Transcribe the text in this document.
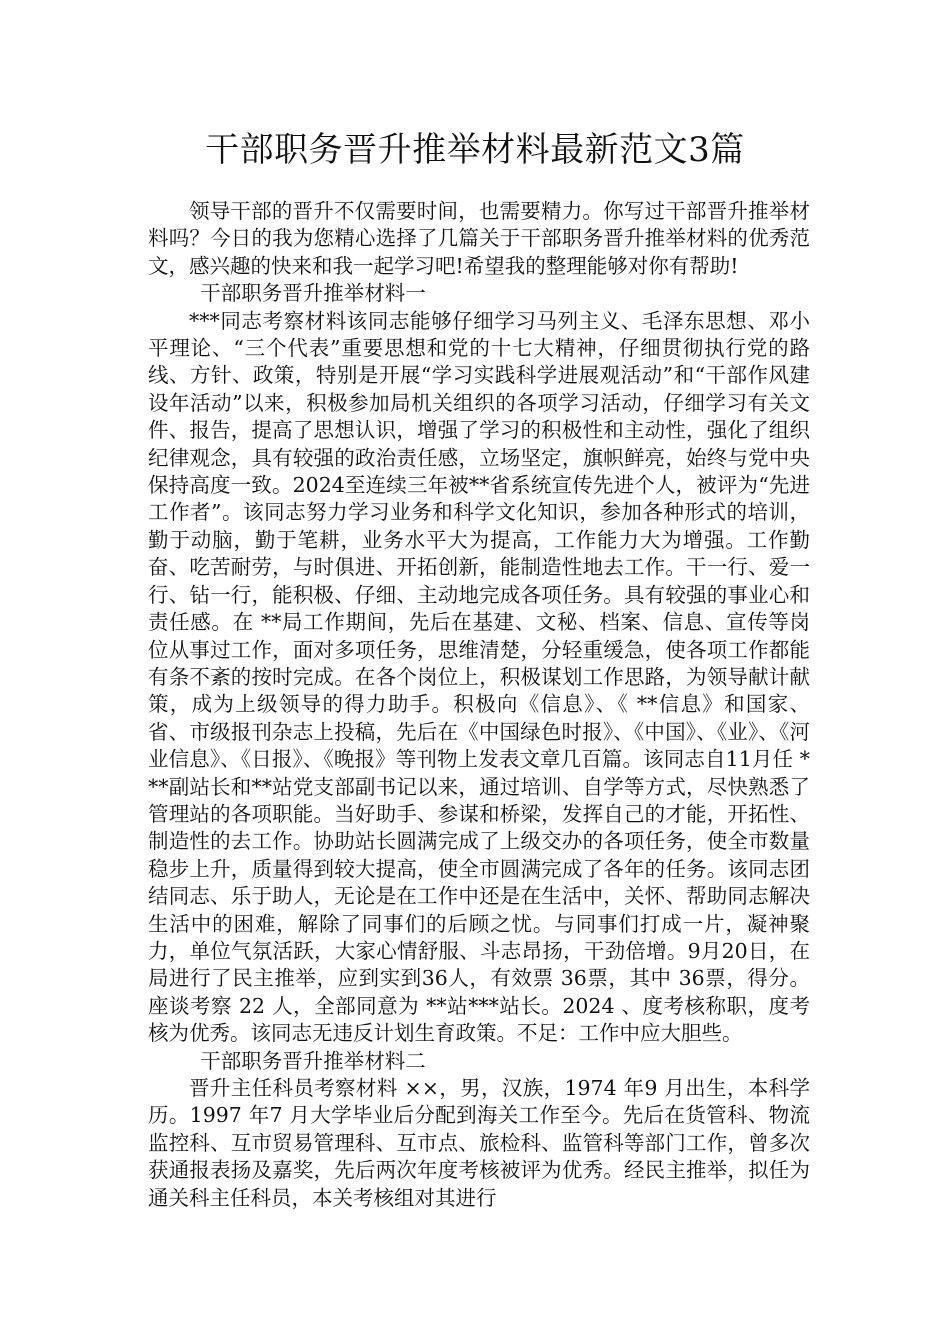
干部职务晋升推举材料最新范文3篇

领导干部的晋升不仅需要时间，也需要精力。你写过干部晋升推举材料吗？今日的我为您精心选择了几篇关于干部职务晋升推举材料的优秀范文，感兴趣的快来和我一起学习吧!希望我的整理能够对你有帮助!

干部职务晋升推举材料一

***同志考察材料该同志能够仔细学习马列主义、毛泽东思想、邓小平理论、“三个代表”重要思想和党的十七大精神，仔细贯彻执行党的路线、方针、政策，特别是开展“学习实践科学进展观活动”和“干部作风建设年活动”以来，积极参加局机关组织的各项学习活动，仔细学习有关文件、报告，提高了思想认识，增强了学习的积极性和主动性，强化了组织纪律观念，具有较强的政治责任感，立场坚定，旗帜鲜亮，始终与党中央保持高度一致。2024至连续三年被**省系统宣传先进个人，被评为“先进工作者”。该同志努力学习业务和科学文化知识，参加各种形式的培训，勤于动脑，勤于笔耕，业务水平大为提高，工作能力大为增强。工作勤奋、吃苦耐劳，与时俱进、开拓创新，能制造性地去工作。干一行、爱一行、钻一行，能积极、仔细、主动地完成各项任务。具有较强的事业心和责任感。在 **局工作期间，先后在基建、文秘、档案、信息、宣传等岗位从事过工作，面对多项任务，思维清楚，分轻重缓急，使各项工作都能有条不紊的按时完成。在各个岗位上，积极谋划工作思路，为领导献计献策，成为上级领导的得力助手。积极向《信息》、《 **信息》和国家、省、市级报刊杂志上投稿，先后在《中国绿色时报》、《中国》、《业》、《河业信息》、《日报》、《晚报》等刊物上发表文章几百篇。该同志自11月任 ***副站长和**站党支部副书记以来，通过培训、自学等方式，尽快熟悉了管理站的各项职能。当好助手、参谋和桥梁，发挥自己的才能，开拓性、制造性的去工作。协助站长圆满完成了上级交办的各项任务，使全市数量稳步上升，质量得到较大提高，使全市圆满完成了各年的任务。该同志团结同志、乐于助人，无论是在工作中还是在生活中，关怀、帮助同志解决生活中的困难，解除了同事们的后顾之忧。与同事们打成一片，凝神聚力，单位气氛活跃，大家心情舒服、斗志昂扬，干劲倍增。9月20日，在局进行了民主推举，应到实到36人，有效票 36票，其中 36票，得分。座谈考察 22 人，全部同意为 **站***站长。2024 、度考核称职，度考核为优秀。该同志无违反计划生育政策。不足：工作中应大胆些。

干部职务晋升推举材料二

晋升主任科员考察材料 ××，男，汉族，1974 年9 月出生，本科学历。1997 年7 月大学毕业后分配到海关工作至今。先后在货管科、物流监控科、互市贸易管理科、互市点、旅检科、监管科等部门工作，曾多次获通报表扬及嘉奖，先后两次年度考核被评为优秀。经民主推举，拟任为通关科主任科员，本关考核组对其进行
